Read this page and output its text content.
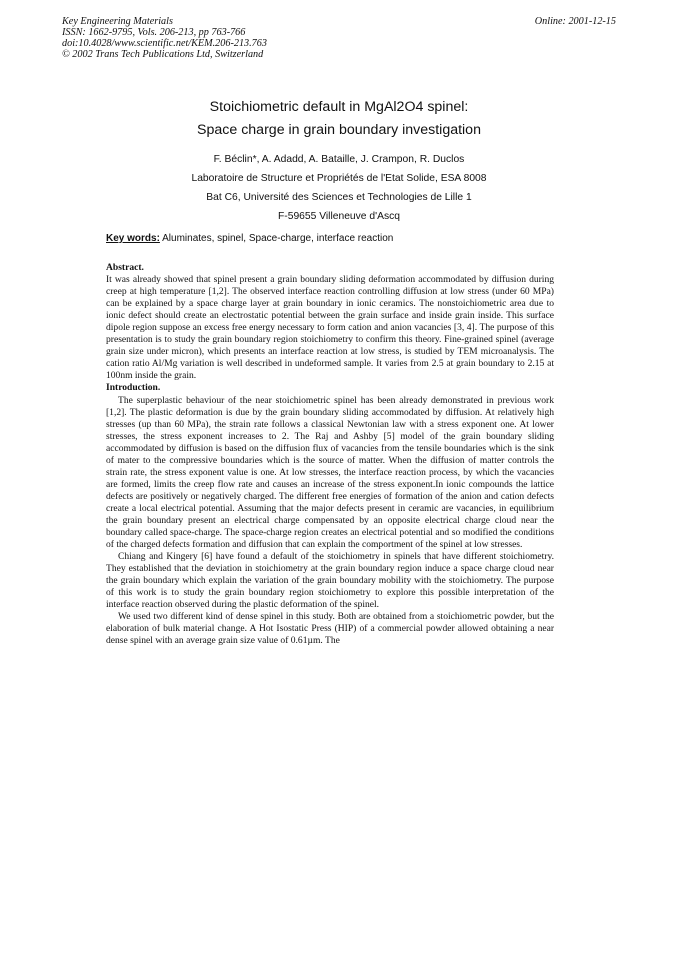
Key Engineering Materials
ISSN: 1662-9795, Vols. 206-213, pp 763-766
doi:10.4028/www.scientific.net/KEM.206-213.763
© 2002 Trans Tech Publications Ltd, Switzerland
Online: 2001-12-15
Stoichiometric default in MgAl2O4 spinel:
Space charge in grain boundary investigation
F. Béclin*, A. Adadd, A. Bataille, J. Crampon, R. Duclos
Laboratoire de Structure et Propriétés de l'Etat Solide, ESA 8008
Bat C6, Université des Sciences et Technologies de Lille 1
F-59655 Villeneuve d'Ascq
Key words: Aluminates, spinel, Space-charge, interface reaction
Abstract.

It was already showed that spinel present a grain boundary sliding deformation accommodated by diffusion during creep at high temperature [1,2]. The observed interface reaction controlling diffusion at low stress (under 60 MPa) can be explained by a space charge layer at grain boundary in ionic ceramics. The nonstoichiometric area due to ionic defect should create an electrostatic potential between the grain surface and inside grain inside. This surface dipole region suppose an excess free energy necessary to form cation and anion vacancies [3, 4]. The purpose of this presentation is to study the grain boundary region stoichiometry to confirm this theory. Fine-grained spinel (average grain size under micron), which presents an interface reaction at low stress, is studied by TEM microanalysis. The cation ratio Al/Mg variation is well described in undeformed sample. It varies from 2.5 at grain boundary to 2.15 at 100nm inside the grain.

Introduction.

The superplastic behaviour of the near stoichiometric spinel has been already demonstrated in previous work [1,2]. The plastic deformation is due by the grain boundary sliding accommodated by diffusion. At relatively high stresses (up than 60 MPa), the strain rate follows a classical Newtonian law with a stress exponent one. At lower stresses, the stress exponent increases to 2. The Raj and Ashby [5] model of the grain boundary sliding accommodated by diffusion is based on the diffusion flux of vacancies from the tensile boundaries which is the sink of mater to the compressive boundaries which is the source of matter. When the diffusion of matter controls the strain rate, the stress exponent value is one. At low stresses, the interface reaction process, by which the vacancies are formed, limits the creep flow rate and causes an increase of the stress exponent.In ionic compounds the lattice defects are positively or negatively charged. The different free energies of formation of the anion and cation defects create a local electrical potential. Assuming that the major defects present in ceramic are vacancies, in equilibrium the grain boundary present an electrical charge compensated by an opposite electrical charge cloud near the boundary called space-charge. The space-charge region creates an electrical potential and so modified the conditions of the charged defects formation and diffusion that can explain the comportment of the spinel at low stresses.

Chiang and Kingery [6] have found a default of the stoichiometry in spinels that have different stoichiometry. They established that the deviation in stoichiometry at the grain boundary region induce a space charge cloud near the grain boundary which explain the variation of the grain boundary mobility with the stoichiometry. The purpose of this work is to study the grain boundary region stoichiometry to explore this possible interpretation of the interface reaction observed during the plastic deformation of the spinel.

We used two different kind of dense spinel in this study. Both are obtained from a stoichiometric powder, but the elaboration of bulk material change. A Hot Isostatic Press (HIP) of a commercial powder allowed obtaining a near dense spinel with an average grain size value of 0.61µm. The
